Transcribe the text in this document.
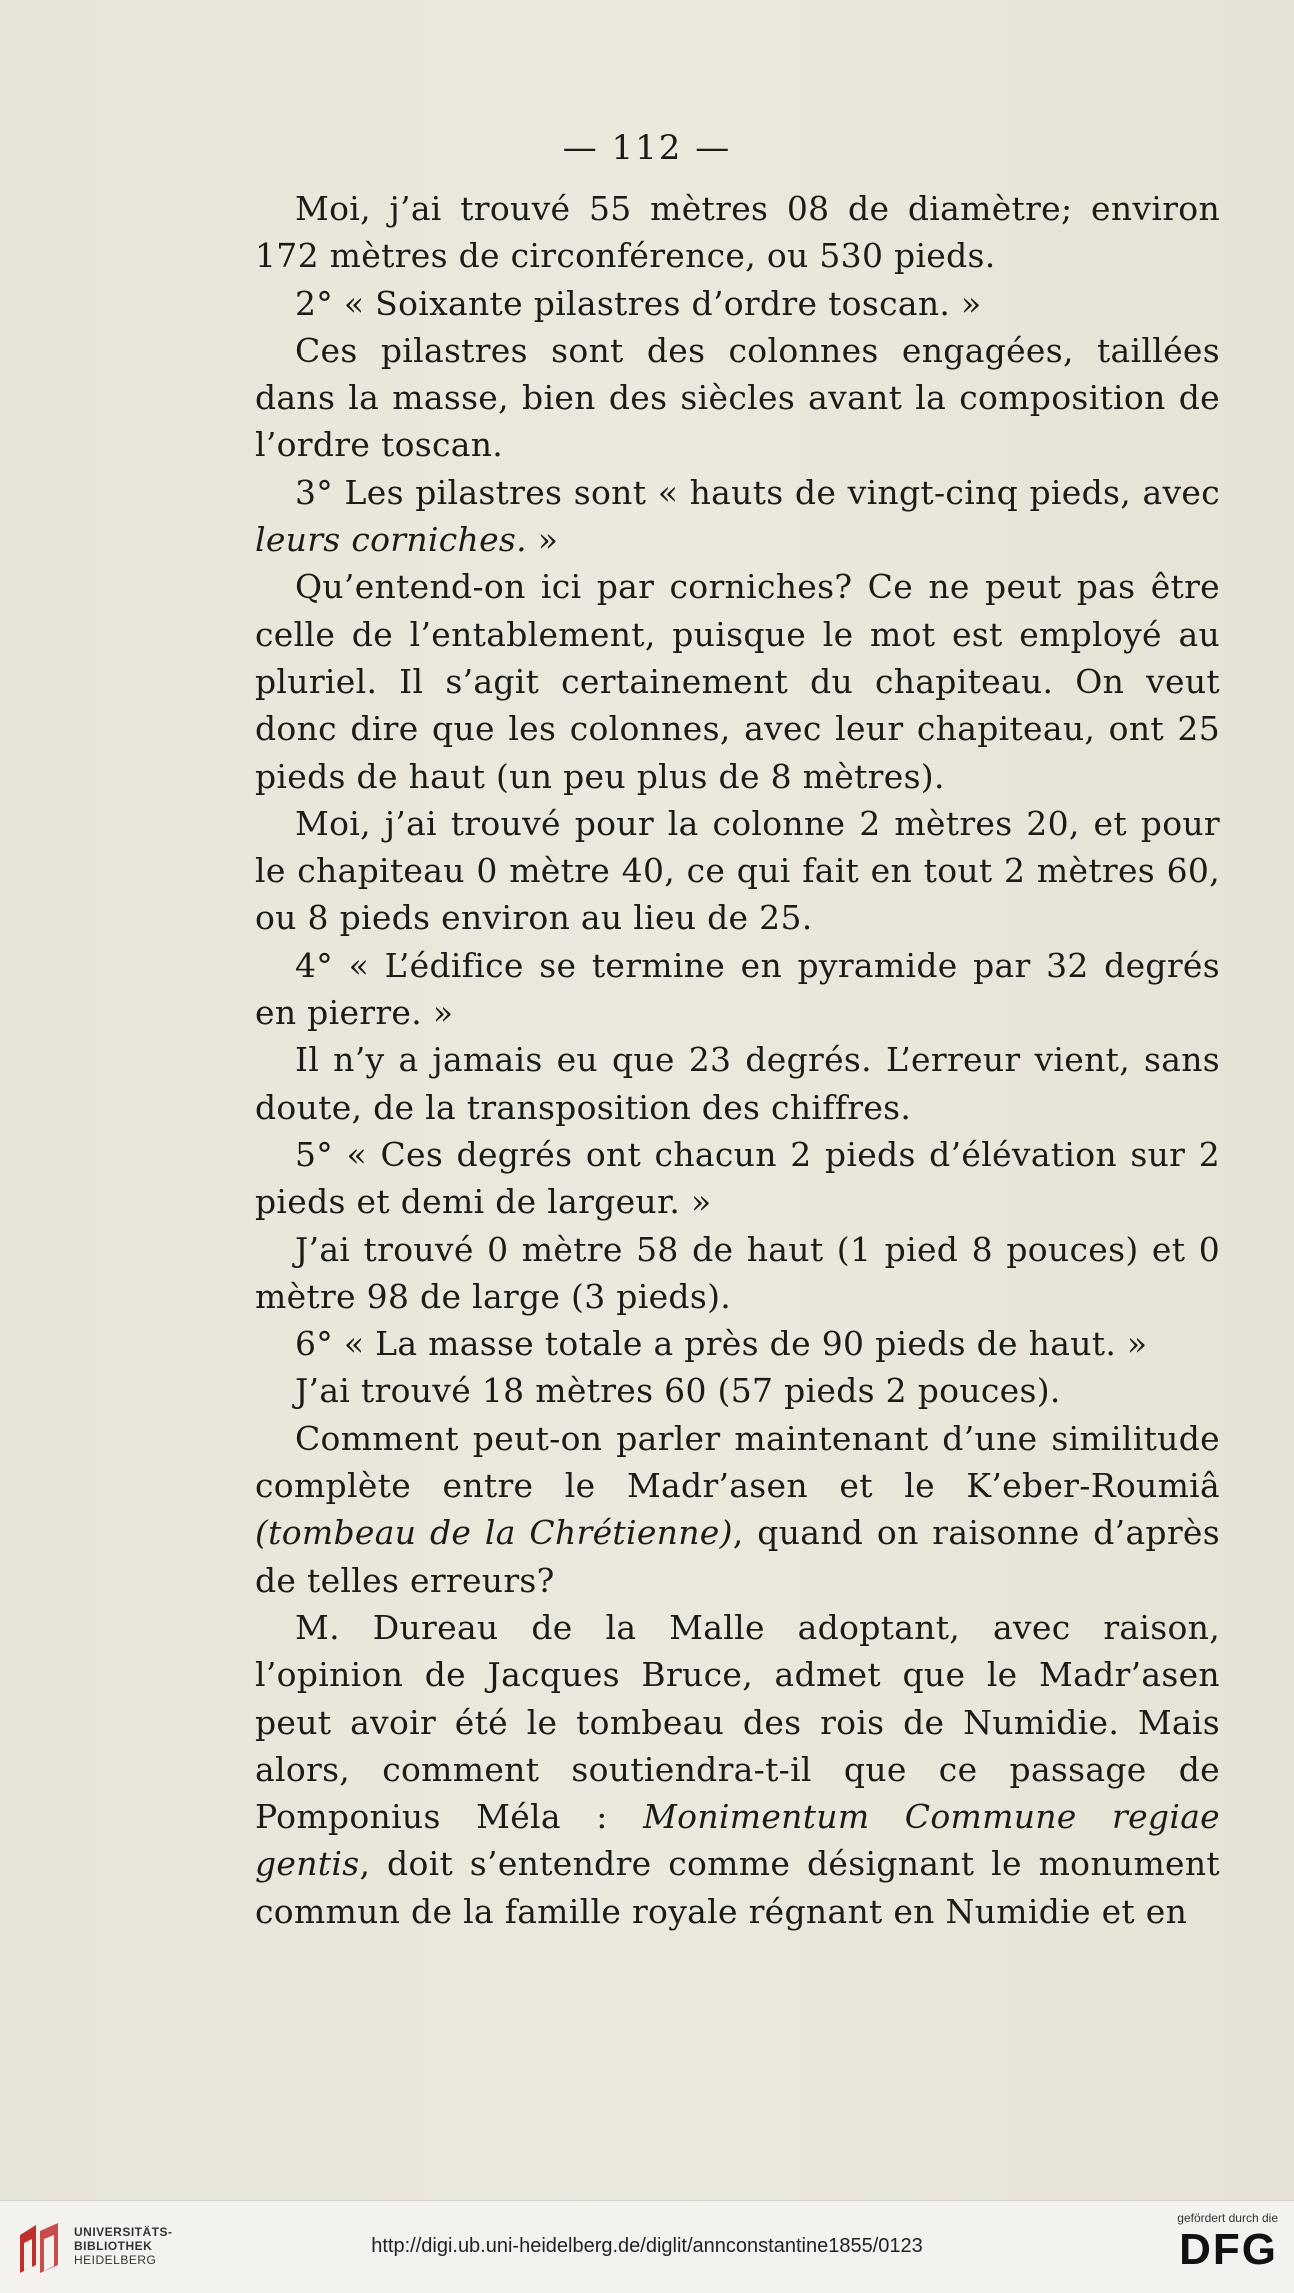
— 112 —

Moi, j’ai trouvé 55 mètres 08 de diamètre; environ 172 mètres de circonférence, ou 530 pieds.

2° « Soixante pilastres d’ordre toscan. »

Ces pilastres sont des colonnes engagées, taillées dans la masse, bien des siècles avant la composition de l’ordre toscan.

3° Les pilastres sont « hauts de vingt-cinq pieds, avec leurs corniches. »

Qu’entend-on ici par corniches? Ce ne peut pas être celle de l’entablement, puisque le mot est employé au pluriel. Il s’agit certainement du chapiteau. On veut donc dire que les colonnes, avec leur chapiteau, ont 25 pieds de haut (un peu plus de 8 mètres).

Moi, j’ai trouvé pour la colonne 2 mètres 20, et pour le chapiteau 0 mètre 40, ce qui fait en tout 2 mètres 60, ou 8 pieds environ au lieu de 25.

4° « L’édifice se termine en pyramide par 32 degrés en pierre. »

Il n’y a jamais eu que 23 degrés. L’erreur vient, sans doute, de la transposition des chiffres.

5° « Ces degrés ont chacun 2 pieds d’élévation sur 2 pieds et demi de largeur. »

J’ai trouvé 0 mètre 58 de haut (1 pied 8 pouces) et 0 mètre 98 de large (3 pieds).

6° « La masse totale a près de 90 pieds de haut. »

J’ai trouvé 18 mètres 60 (57 pieds 2 pouces).

Comment peut-on parler maintenant d’une similitude complète entre le Madr’asen et le K’eber-Roumiâ (tombeau de la Chrétienne), quand on raisonne d’après de telles erreurs?

M. Dureau de la Malle adoptant, avec raison, l’opinion de Jacques Bruce, admet que le Madr’asen peut avoir été le tombeau des rois de Numidie. Mais alors, comment soutiendra-t-il que ce passage de Pomponius Méla : Monimentum Commune regiae gentis, doit s’entendre comme désignant le monument commun de la famille royale régnant en Numidie et en

UNIVERSITÄTS-
BIBLIOTHEK
HEIDELBERG
http://digi.ub.uni-heidelberg.de/diglit/annconstantine1855/0123
gefördert durch die
DFG
